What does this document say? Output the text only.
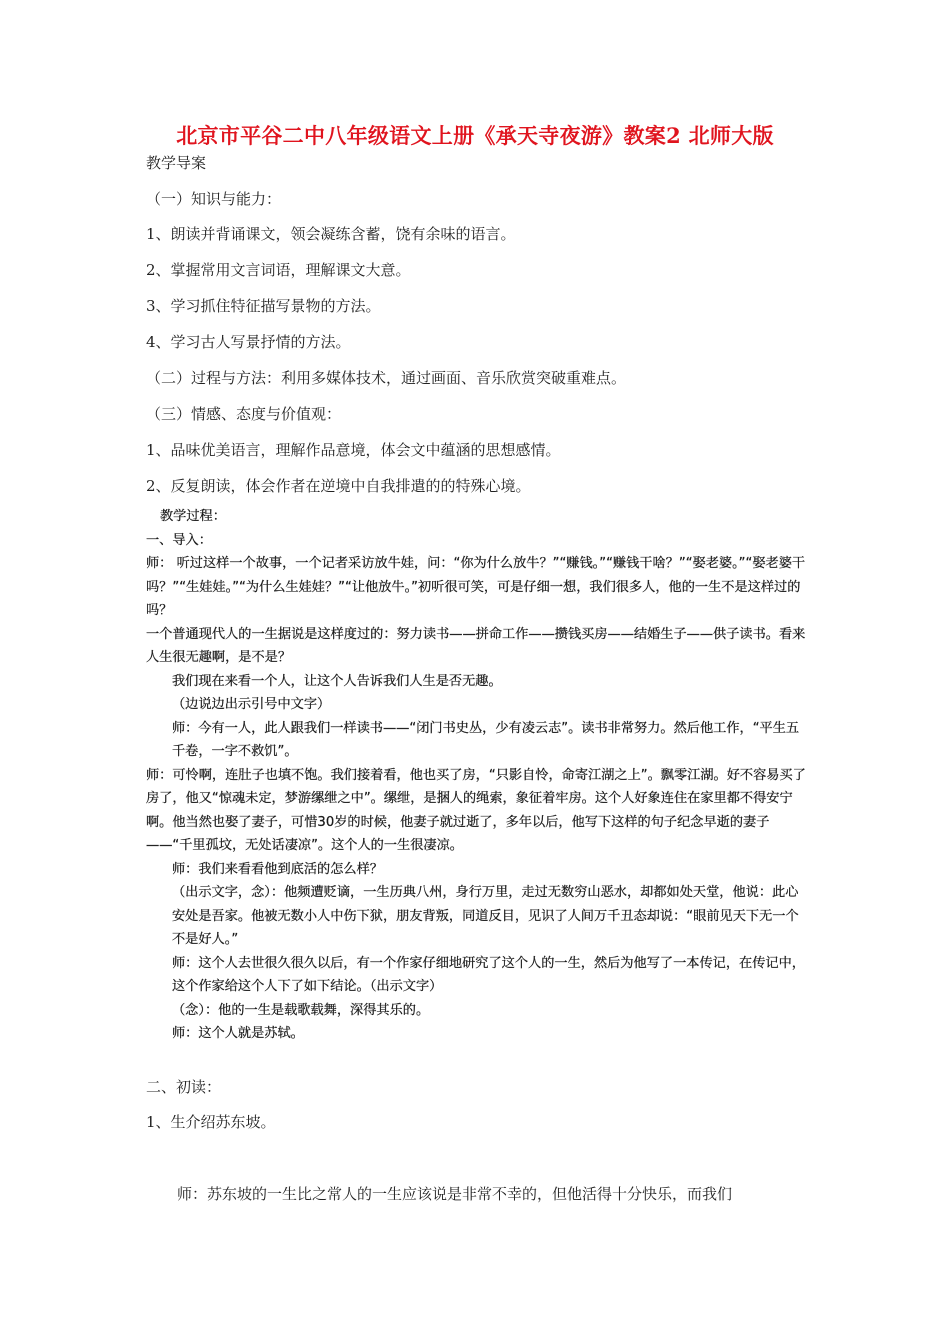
北京市平谷二中八年级语文上册《承天寺夜游》教案2 北师大版
教学导案
（一）知识与能力：
1、朗读并背诵课文，领会凝练含蓄，饶有余味的语言。
2、掌握常用文言词语，理解课文大意。
3、学习抓住特征描写景物的方法。
4、学习古人写景抒情的方法。
（二）过程与方法：利用多媒体技术，通过画面、音乐欣赏突破重难点。
（三）情感、态度与价值观：
1、品味优美语言，理解作品意境，体会文中蕴涵的思想感情。
2、反复朗读，体会作者在逆境中自我排遣的的特殊心境。

教学过程：

一、导入：

师： 听过这样一个故事，一个记者采访放牛娃，问：“你为什么放牛？”“赚钱。”“赚钱干啥？”“娶老婆。”“娶老婆干吗？”“生娃娃。”“为什么生娃娃？”“让他放牛。”初听很可笑，可是仔细一想，我们很多人，他的一生不是这样过的吗？

一个普通现代人的一生据说是这样度过的：努力读书——拼命工作——攒钱买房——结婚生子——供子读书。看来人生很无趣啊，是不是？

我们现在来看一个人，让这个人告诉我们人生是否无趣。

（边说边出示引号中文字）

师：今有一人，此人跟我们一样读书——“闭门书史丛，少有凌云志”。读书非常努力。然后他工作，“平生五千卷，一字不救饥”。

师：可怜啊，连肚子也填不饱。我们接着看，他也买了房，“只影自怜，命寄江湖之上”。飘零江湖。好不容易买了房了，他又“惊魂未定，梦游缧绁之中”。缧绁，是捆人的绳索，象征着牢房。这个人好象连住在家里都不得安宁啊。他当然也娶了妻子，可惜30岁的时候，他妻子就过逝了，多年以后，他写下这样的句子纪念早逝的妻子——“千里孤坟，无处话凄凉”。这个人的一生很凄凉。

师：我们来看看他到底活的怎么样？

（出示文字，念）：他频遭贬谪，一生历典八州，身行万里，走过无数穷山恶水，却都如处天堂，他说：此心安处是吾家。他被无数小人中伤下狱，朋友背叛，同道反目，见识了人间万千丑态却说：“眼前见天下无一个不是好人。”

师：这个人去世很久很久以后，有一个作家仔细地研究了这个人的一生，然后为他写了一本传记，在传记中，这个作家给这个人下了如下结论。（出示文字）

（念）：他的一生是载歌载舞，深得其乐的。

师：这个人就是苏轼。

二、初读：
1、生介绍苏东坡。
师：苏东坡的一生比之常人的一生应该说是非常不幸的，但他活得十分快乐，而我们
